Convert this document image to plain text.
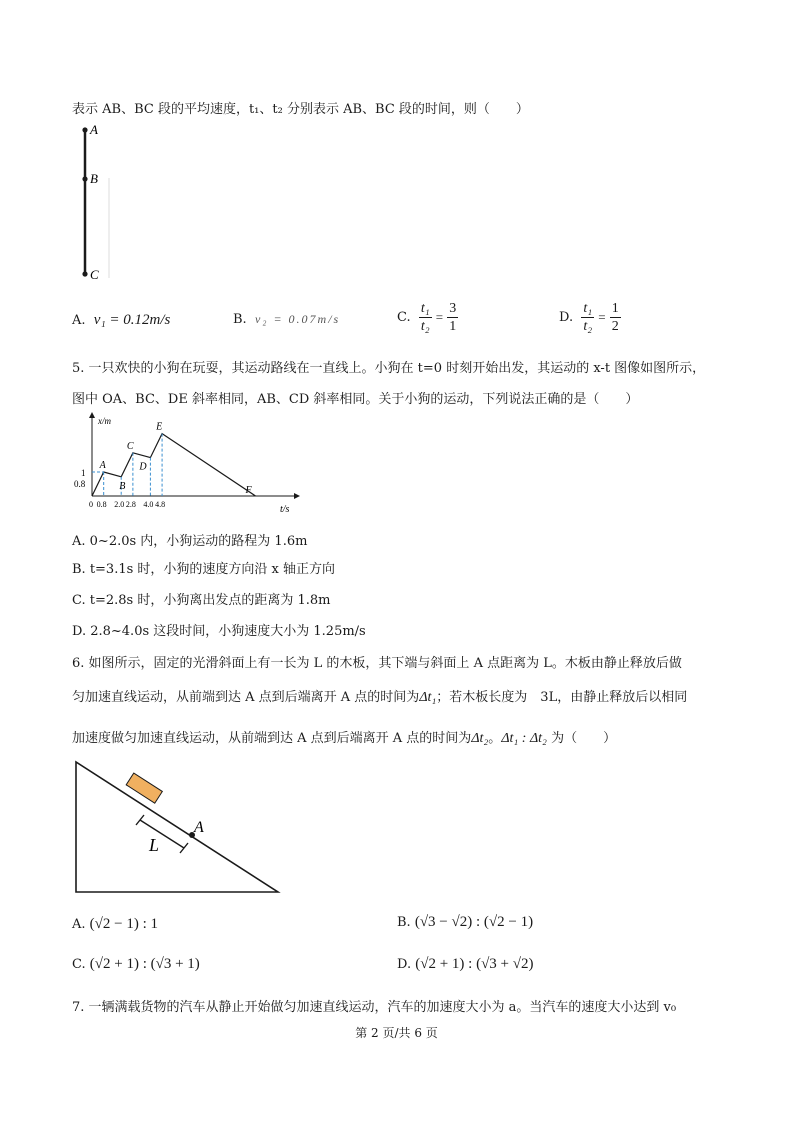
表示 AB、BC 段的平均速度，t₁、t₂ 分别表示 AB、BC 段的时间，则（　　）
A
B
C
A. v₁ = 0.12m/s	B. v₂ = 0.07m/s	C. $\frac{\text{t₁}}{\text{t₂}} = \frac{3}{1}$	D. $\frac{\text{t₁}}{\text{t₂}} = \frac{1}{2}$
5. 一只欢快的小狗在玩耍，其运动路线在一直线上。小狗在 t=0 时刻开始出发，其运动的 x-t 图像如图所示，
图中 OA、BC、DE 斜率相同，AB、CD 斜率相同。关于小狗的运动，下列说法正确的是（　　）
x/m
t/s
A
B
C
D
E
F
0 0.8 2.0 2.8 4.0 4.8
0.8
1
A. 0~2.0s 内，小狗运动的路程为 1.6m
B. t=3.1s 时，小狗的速度方向沿 x 轴正方向
C. t=2.8s 时，小狗离出发点的距离为 1.8m
D. 2.8~4.0s 这段时间，小狗速度大小为 1.25m/s
6. 如图所示，固定的光滑斜面上有一长为 L 的木板，其下端与斜面上 A 点距离为 L。木板由静止释放后做
匀加速直线运动，从前端到达 A 点到后端离开 A 点的时间为Δt₁；若木板长度为　3L，由静止释放后以相同
加速度做匀加速直线运动，从前端到达 A 点到后端离开 A 点的时间为Δt₂。Δt₁ : Δt₂ 为（　　）
A
L
A. (√2 − 1) : 1	B. (√3 − √2) : (√2 − 1)
C. (√2 + 1) : (√3 + 1)	D. (√2 + 1) : (√3 + √2)
7. 一辆满载货物的汽车从静止开始做匀加速直线运动，汽车的加速度大小为 a。当汽车的速度大小达到 v₀
第 2 页/共 6 页
